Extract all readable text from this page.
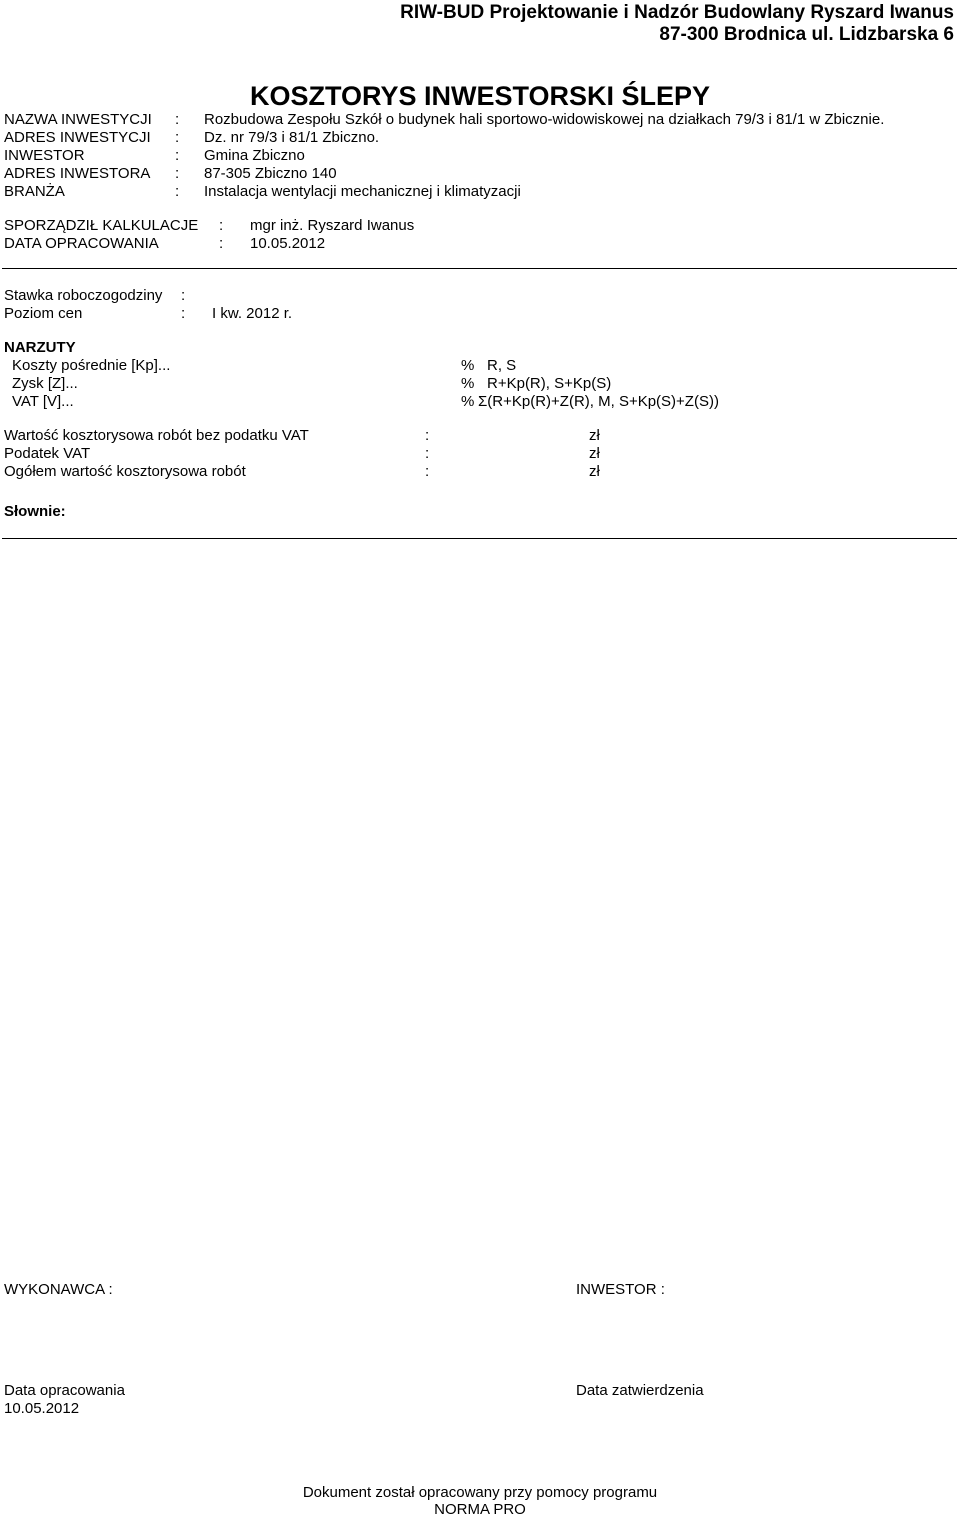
RIW-BUD Projektowanie i Nadzór Budowlany Ryszard Iwanus
87-300 Brodnica ul. Lidzbarska 6
KOSZTORYS INWESTORSKI ŚLEPY
NAZWA INWESTYCJI : Rozbudowa Zespołu Szkół o budynek hali sportowo-widowiskowej na działkach 79/3 i 81/1 w Zbicznie.
ADRES INWESTYCJI : Dz. nr 79/3 i 81/1 Zbiczno.
INWESTOR	: Gmina Zbiczno
ADRES INWESTORA : 87-305 Zbiczno 140
BRANŻA	: Instalacja wentylacji mechanicznej i klimatyzacji
SPORZĄDZIŁ KALKULACJE : mgr inż. Ryszard Iwanus
DATA OPRACOWANIA	: 10.05.2012
Stawka roboczogodziny :
Poziom cen	: I kw. 2012 r.
NARZUTY
Koszty pośrednie [Kp]...	% R, S
Zysk [Z]...	% R+Kp(R), S+Kp(S)
VAT [V]...	% Σ(R+Kp(R)+Z(R), M, S+Kp(S)+Z(S))
Wartość kosztorysowa robót bez podatku VAT	:	zł
Podatek VAT	:	zł
Ogółem wartość kosztorysowa robót	:	zł
Słownie:
WYKONAWCA :	INWESTOR :
Data opracowania
10.05.2012
Data zatwierdzenia
Dokument został opracowany przy pomocy programu
NORMA PRO
